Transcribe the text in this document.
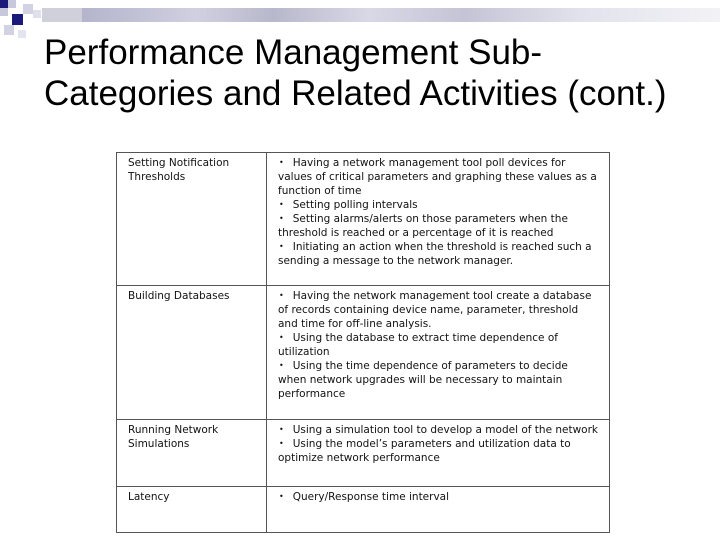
Performance Management Sub-Categories and Related Activities (cont.)
Setting Notification Thresholds	• Having a network management tool poll devices for values of critical parameters and graphing these values as a function of time
• Setting polling intervals
• Setting alarms/alerts on those parameters when the threshold is reached or a percentage of it is reached
• Initiating an action when the threshold is reached such a sending a message to the network manager.

Building Databases	• Having the network management tool create a database of records containing device name, parameter, threshold and time for off-line analysis.
• Using the database to extract time dependence of utilization
• Using the time dependence of parameters to decide when network upgrades will be necessary to maintain performance

Running Network Simulations	• Using a simulation tool to develop a model of the network
• Using the model’s parameters and utilization data to optimize network performance

Latency	• Query/Response time interval
